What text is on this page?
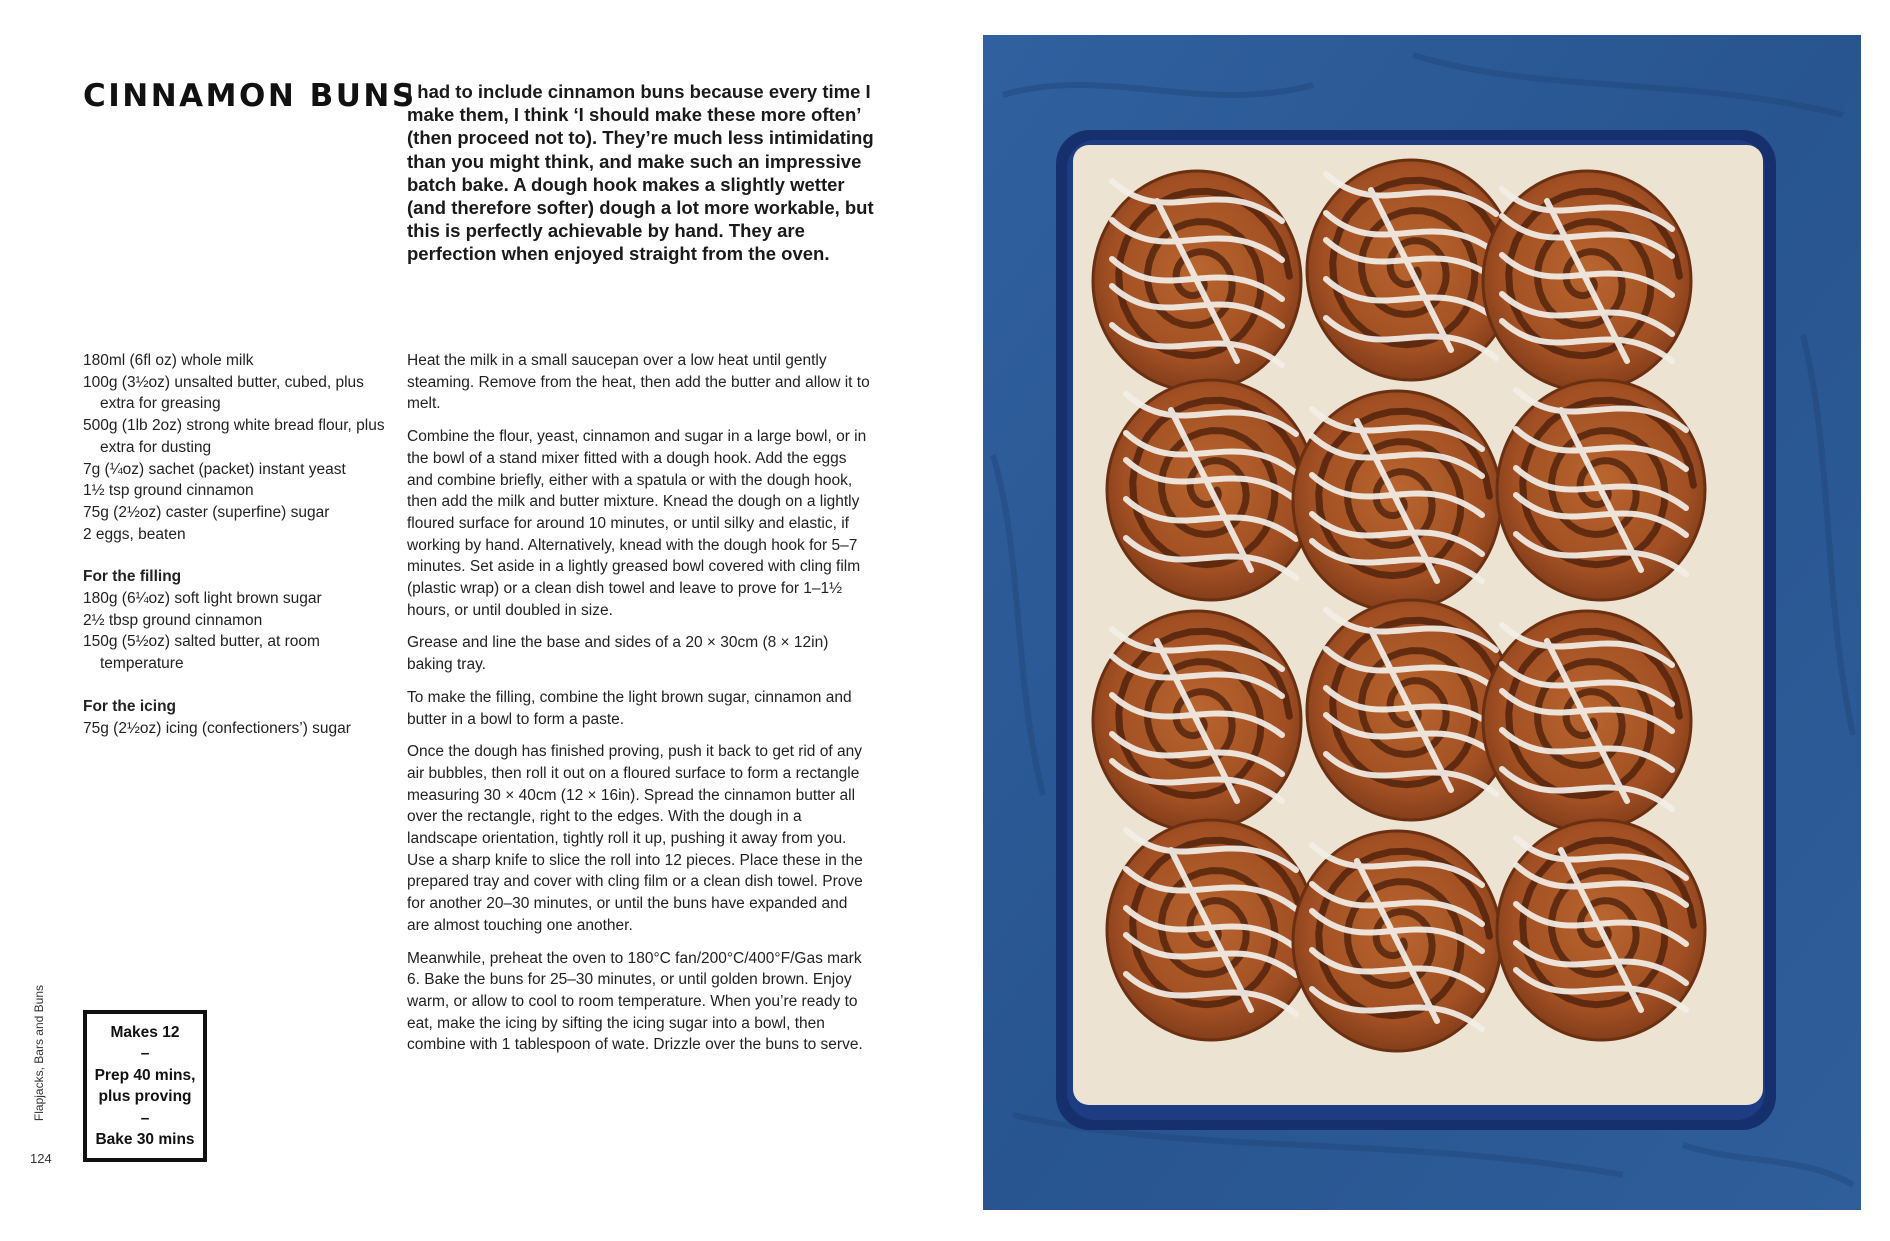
CINNAMON BUNS

I had to include cinnamon buns because every time I make them, I think ‘I should make these more often’ (then proceed not to). They’re much less intimidating than you might think, and make such an impressive batch bake. A dough hook makes a slightly wetter (and therefore softer) dough a lot more workable, but this is perfectly achievable by hand. They are perfection when enjoyed straight from the oven.

180ml (6fl oz) whole milk
100g (3½oz) unsalted butter, cubed, plus extra for greasing
500g (1lb 2oz) strong white bread flour, plus extra for dusting
7g (¼oz) sachet (packet) instant yeast
1½ tsp ground cinnamon
75g (2½oz) caster (superfine) sugar
2 eggs, beaten

For the filling

180g (6¼oz) soft light brown sugar
2½ tbsp ground cinnamon
150g (5½oz) salted butter, at room temperature

For the icing

75g (2½oz) icing (confectioners’) sugar

Heat the milk in a small saucepan over a low heat until gently steaming. Remove from the heat, then add the butter and allow it to melt.

Combine the flour, yeast, cinnamon and sugar in a large bowl, or in the bowl of a stand mixer fitted with a dough hook. Add the eggs and combine briefly, either with a spatula or with the dough hook, then add the milk and butter mixture. Knead the dough on a lightly floured surface for around 10 minutes, or until silky and elastic, if working by hand. Alternatively, knead with the dough hook for 5–7 minutes. Set aside in a lightly greased bowl covered with cling film (plastic wrap) or a clean dish towel and leave to prove for 1–1½ hours, or until doubled in size.

Grease and line the base and sides of a 20 × 30cm (8 × 12in) baking tray.

To make the filling, combine the light brown sugar, cinnamon and butter in a bowl to form a paste.

Once the dough has finished proving, push it back to get rid of any air bubbles, then roll it out on a floured surface to form a rectangle measuring 30 × 40cm (12 × 16in). Spread the cinnamon butter all over the rectangle, right to the edges. With the dough in a landscape orientation, tightly roll it up, pushing it away from you. Use a sharp knife to slice the roll into 12 pieces. Place these in the prepared tray and cover with cling film or a clean dish towel. Prove for another 20–30 minutes, or until the buns have expanded and are almost touching one another.

Meanwhile, preheat the oven to 180°C fan/200°C/400°F/Gas mark 6. Bake the buns for 25–30 minutes, or until golden brown. Enjoy warm, or allow to cool to room temperature. When you’re ready to eat, make the icing by sifting the icing sugar into a bowl, then combine with 1 tablespoon of wate. Drizzle over the buns to serve.

Makes 12
–
Prep 40 mins, plus proving
–
Bake 30 mins
Flapjacks, Bars and Buns
124
